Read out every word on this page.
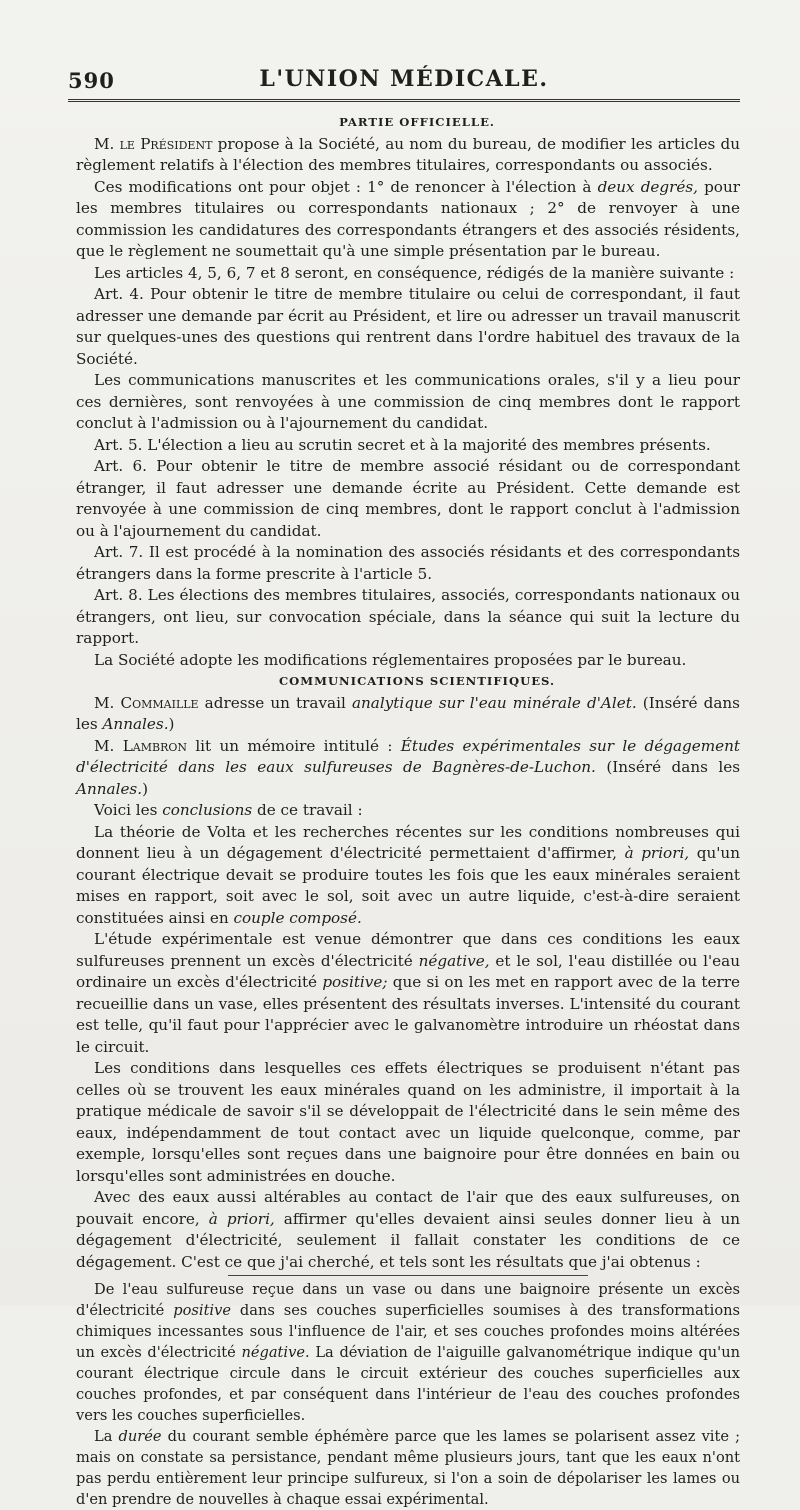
590	L'UNION MÉDICALE.

PARTIE OFFICIELLE.

M. le Président propose à la Société, au nom du bureau, de modifier les articles du règlement relatifs à l'élection des membres titulaires, correspondants ou associés.

Ces modifications ont pour objet : 1° de renoncer à l'élection à deux degrés, pour les membres titulaires ou correspondants nationaux ; 2° de renvoyer à une commission les candidatures des correspondants étrangers et des associés résidents, que le règlement ne soumettait qu'à une simple présentation par le bureau.

Les articles 4, 5, 6, 7 et 8 seront, en conséquence, rédigés de la manière suivante :

Art. 4. Pour obtenir le titre de membre titulaire ou celui de correspondant, il faut adresser une demande par écrit au Président, et lire ou adresser un travail manuscrit sur quelques-unes des questions qui rentrent dans l'ordre habituel des travaux de la Société.

Les communications manuscrites et les communications orales, s'il y a lieu pour ces dernières, sont renvoyées à une commission de cinq membres dont le rapport conclut à l'admission ou à l'ajournement du candidat.

Art. 5. L'élection a lieu au scrutin secret et à la majorité des membres présents.

Art. 6. Pour obtenir le titre de membre associé résidant ou de correspondant étranger, il faut adresser une demande écrite au Président. Cette demande est renvoyée à une commission de cinq membres, dont le rapport conclut à l'admission ou à l'ajournement du candidat.

Art. 7. Il est procédé à la nomination des associés résidants et des correspondants étrangers dans la forme prescrite à l'article 5.

Art. 8. Les élections des membres titulaires, associés, correspondants nationaux ou étrangers, ont lieu, sur convocation spéciale, dans la séance qui suit la lecture du rapport.

La Société adopte les modifications réglementaires proposées par le bureau.

COMMUNICATIONS SCIENTIFIQUES.

M. Commaille adresse un travail analytique sur l'eau minérale d'Alet. (Inséré dans les Annales.)

M. Lambron lit un mémoire intitulé : Études expérimentales sur le dégagement d'électricité dans les eaux sulfureuses de Bagnères-de-Luchon. (Inséré dans les Annales.)

Voici les conclusions de ce travail :

La théorie de Volta et les recherches récentes sur les conditions nombreuses qui donnent lieu à un dégagement d'électricité permettaient d'affirmer, à priori, qu'un courant électrique devait se produire toutes les fois que les eaux minérales seraient mises en rapport, soit avec le sol, soit avec un autre liquide, c'est-à-dire seraient constituées ainsi en couple composé.

L'étude expérimentale est venue démontrer que dans ces conditions les eaux sulfureuses prennent un excès d'électricité négative, et le sol, l'eau distillée ou l'eau ordinaire un excès d'électricité positive; que si on les met en rapport avec de la terre recueillie dans un vase, elles présentent des résultats inverses. L'intensité du courant est telle, qu'il faut pour l'apprécier avec le galvanomètre introduire un rhéostat dans le circuit.

Les conditions dans lesquelles ces effets électriques se produisent n'étant pas celles où se trouvent les eaux minérales quand on les administre, il importait à la pratique médicale de savoir s'il se développait de l'électricité dans le sein même des eaux, indépendamment de tout contact avec un liquide quelconque, comme, par exemple, lorsqu'elles sont reçues dans une baignoire pour être données en bain ou lorsqu'elles sont administrées en douche.

Avec des eaux aussi altérables au contact de l'air que des eaux sulfureuses, on pouvait encore, à priori, affirmer qu'elles devaient ainsi seules donner lieu à un dégagement d'électricité, seulement il fallait constater les conditions de ce dégagement. C'est ce que j'ai cherché, et tels sont les résultats que j'ai obtenus :

De l'eau sulfureuse reçue dans un vase ou dans une baignoire présente un excès d'électricité positive dans ses couches superficielles soumises à des transformations chimiques incessantes sous l'influence de l'air, et ses couches profondes moins altérées un excès d'électricité négative. La déviation de l'aiguille galvanométrique indique qu'un courant électrique circule dans le circuit extérieur des couches superficielles aux couches profondes, et par conséquent dans l'intérieur de l'eau des couches profondes vers les couches superficielles.

La durée du courant semble éphémère parce que les lames se polarisent assez vite ; mais on constate sa persistance, pendant même plusieurs jours, tant que les eaux n'ont pas perdu entièrement leur principe sulfureux, si l'on a soin de dépolariser les lames ou d'en prendre de nouvelles à chaque essai expérimental.
